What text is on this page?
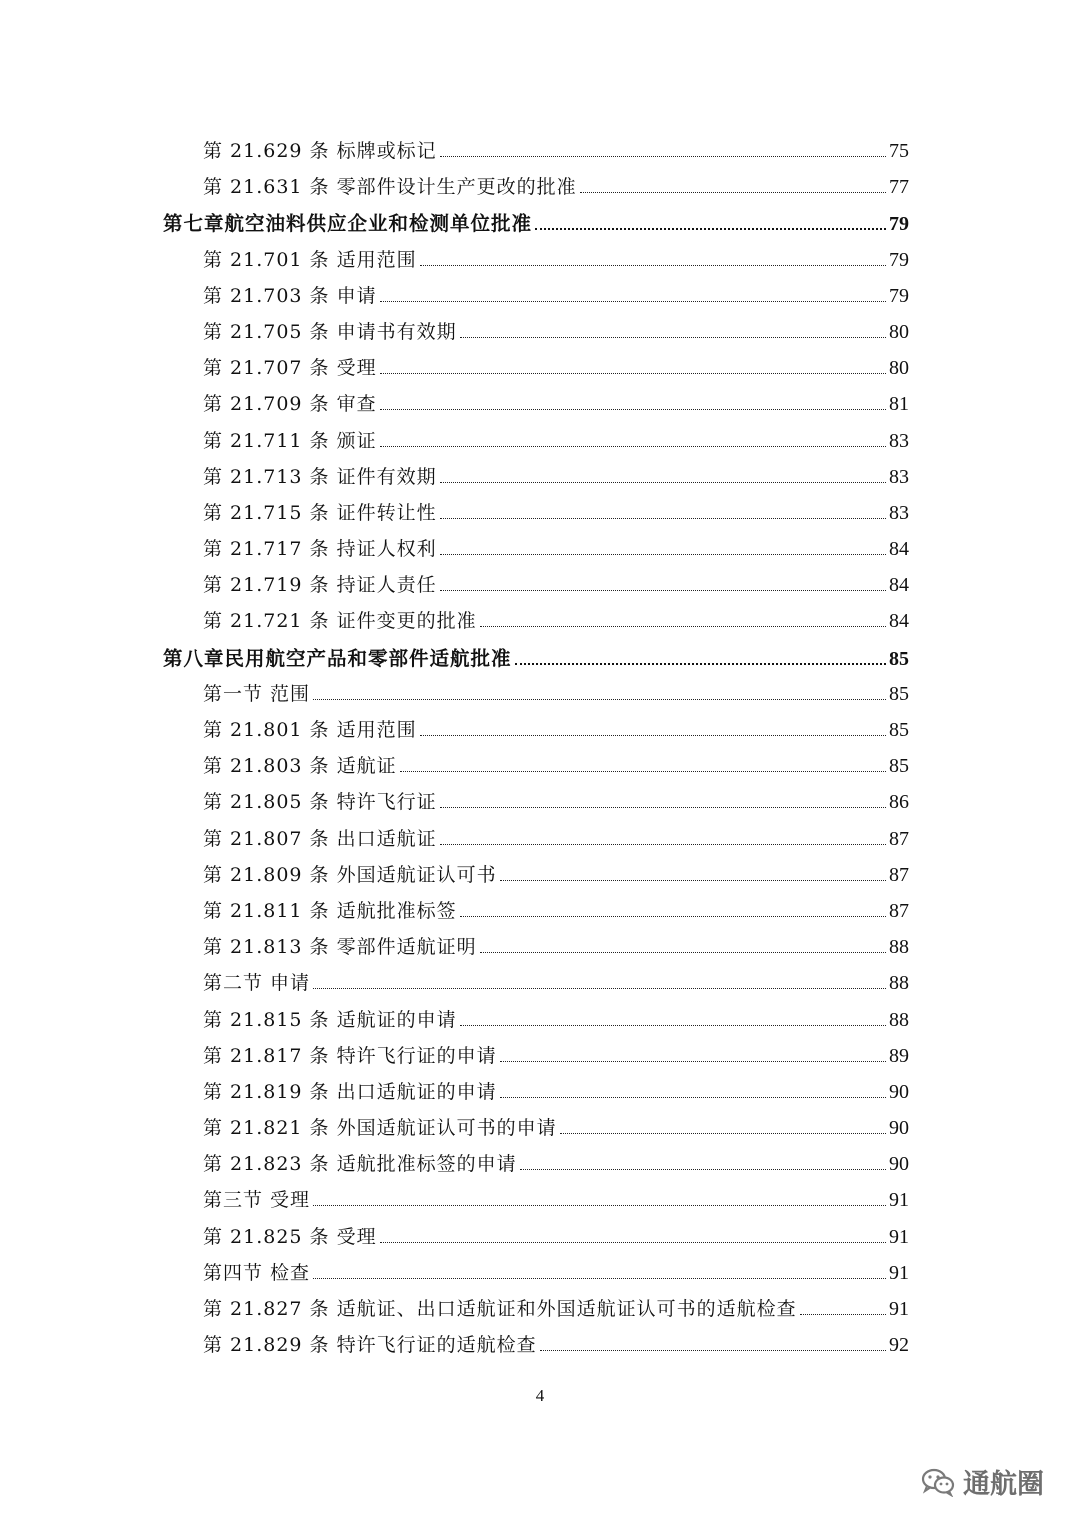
第 21.629 条 标牌或标记	75
第 21.631 条 零部件设计生产更改的批准	77
第七章航空油料供应企业和检测单位批准	79
第 21.701 条 适用范围	79
第 21.703 条 申请	79
第 21.705 条 申请书有效期	80
第 21.707 条 受理	80
第 21.709 条 审查	81
第 21.711 条 颁证	83
第 21.713 条 证件有效期	83
第 21.715 条 证件转让性	83
第 21.717 条 持证人权利	84
第 21.719 条 持证人责任	84
第 21.721 条 证件变更的批准	84
第八章民用航空产品和零部件适航批准	85
第一节 范围	85
第 21.801 条 适用范围	85
第 21.803 条 适航证	85
第 21.805 条 特许飞行证	86
第 21.807 条 出口适航证	87
第 21.809 条 外国适航证认可书	87
第 21.811 条 适航批准标签	87
第 21.813 条 零部件适航证明	88
第二节 申请	88
第 21.815 条 适航证的申请	88
第 21.817 条 特许飞行证的申请	89
第 21.819 条 出口适航证的申请	90
第 21.821 条 外国适航证认可书的申请	90
第 21.823 条 适航批准标签的申请	90
第三节 受理	91
第 21.825 条 受理	91
第四节 检查	91
第 21.827 条 适航证、出口适航证和外国适航证认可书的适航检查	91
第 21.829 条 特许飞行证的适航检查	92
4
通航圈
